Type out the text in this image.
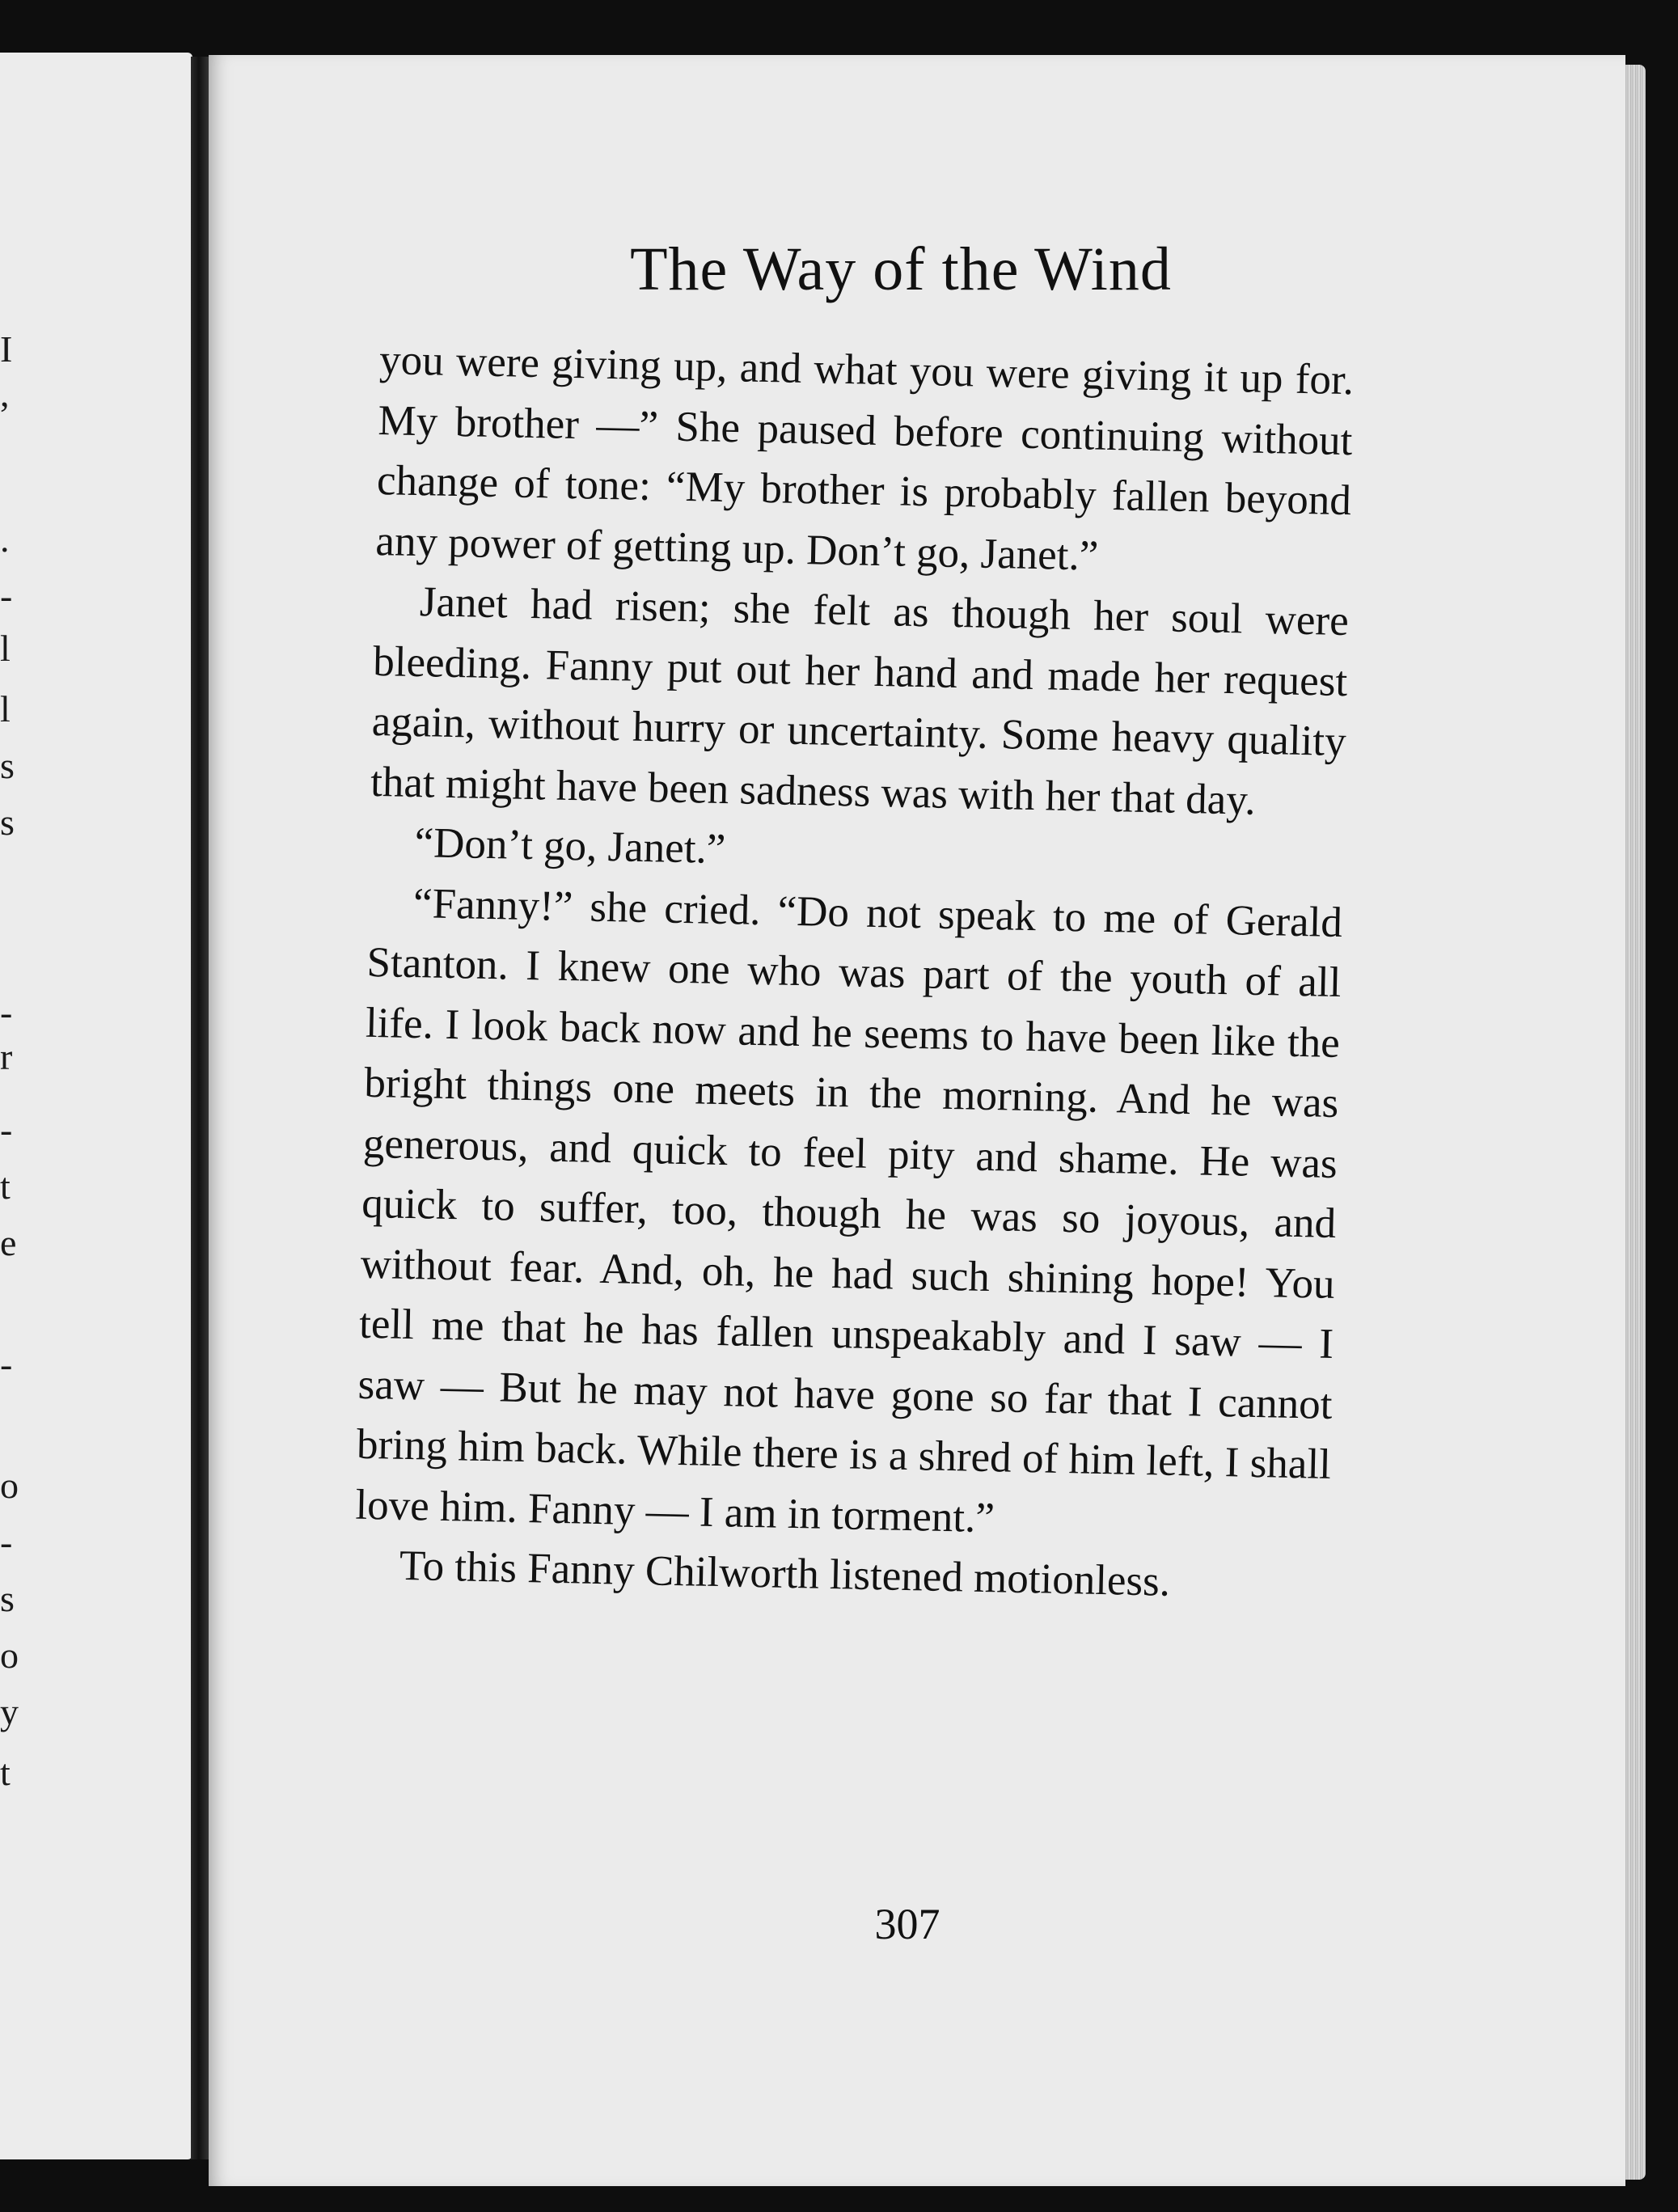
I
,
.
-
l
l
s
s
-
r
-
t
e
-
o
-
s
o
y
t
The Way of the Wind

you were giving up, and what you were giving it up for. My brother —” She paused before continuing without change of tone: “My brother is probably fallen beyond any power of getting up. Don’t go, Janet.”

Janet had risen; she felt as though her soul were bleeding. Fanny put out her hand and made her request again, without hurry or uncertainty. Some heavy quality that might have been sadness was with her that day.

“Don’t go, Janet.”

“Fanny!” she cried. “Do not speak to me of Gerald Stanton. I knew one who was part of the youth of all life. I look back now and he seems to have been like the bright things one meets in the morning. And he was generous, and quick to feel pity and shame. He was quick to suffer, too, though he was so joyous, and without fear. And, oh, he had such shining hope! You tell me that he has fallen unspeakably and I saw — I saw — But he may not have gone so far that I cannot bring him back. While there is a shred of him left, I shall love him. Fanny — I am in torment.”

To this Fanny Chilworth listened motionless.

307
